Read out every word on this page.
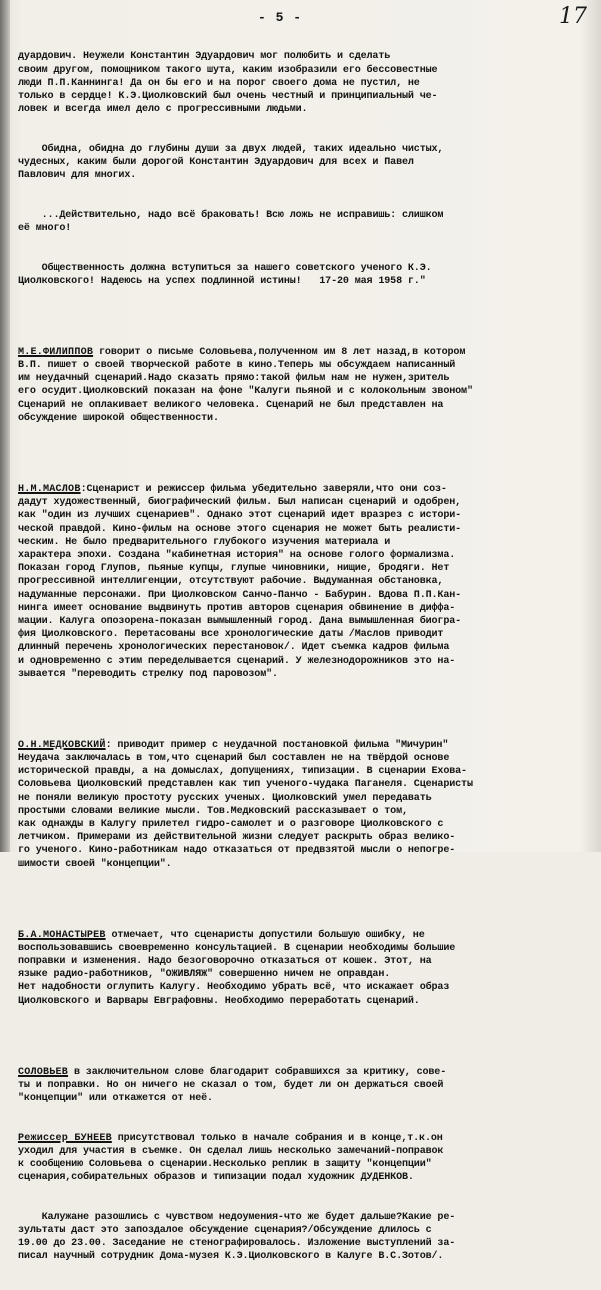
- 5 -	17

дуардович. Неужели Константин Эдуардович мог полюбить и сделать
своим другом, помощником такого шута, каким изобразили его бессовестные
люди П.П.Каннинга! Да он бы его и на порог своего дома не пустил, не
только в сердце! К.Э.Циолковский был очень честный и принципиальный че-
ловек и всегда имел дело с прогрессивными людьми.

Обидна, обидна до глубины души за двух людей, таких идеально чистых,
чудесных, каким были дорогой Константин Эдуардович для всех и Павел
Павлович для многих.

...Действительно, надо всё браковать! Всю ложь не исправишь: слишком
её много!

Общественность должна вступиться за нашего советского ученого К.Э.
Циолковского! Надеюсь на успех подлинной истины!   17-20 мая 1958 г."

М.Е.ФИЛИППОВ говорит о письме Соловьева,полученном им 8 лет назад,в котором
В.П. пишет о своей творческой работе в кино.Теперь мы обсуждаем написанный
им неудачный сценарий.Надо сказать прямо:такой фильм нам не нужен,зритель
его осудит.Циолковский показан на фоне "Калуги пьяной и с колокольным звоном"
Сценарий не оплакивает великого человека. Сценарий не был представлен на
обсуждение широкой общественности.

Н.М.МАСЛОВ:Сценарист и режиссер фильма убедительно заверяли,что они соз-
дадут художественный, биографический фильм. Был написан сценарий и одобрен,
как "один из лучших сценариев". Однако этот сценарий идет вразрез с истори-
ческой правдой. Кино-фильм на основе этого сценария не может быть реалисти-
ческим. Не было предварительного глубокого изучения материала и
характера эпохи. Создана "кабинетная история" на основе голого формализма.
Показан город Глупов, пьяные купцы, глупые чиновники, нищие, бродяги. Нет
прогрессивной интеллигенции, отсутствуют рабочие. Выдуманная обстановка,
надуманные персонажи. При Циолковском Санчо-Панчо - Бабурин. Вдова П.П.Кан-
нинга имеет основание выдвинуть против авторов сценария обвинение в диффа-
мации. Калуга опозорена-показан вымышленный город. Дана вымышленная биогра-
фия Циолковского. Перетасованы все хронологические даты /Маслов приводит
длинный перечень хронологических перестановок/. Идет съемка кадров фильма
и одновременно с этим переделывается сценарий. У железнодорожников это на-
зывается "переводить стрелку под паровозом".

О.Н.МЕДКОВСКИЙ: приводит пример с неудачной постановкой фильма "Мичурин"
Неудача заключалась в том,что сценарий был составлен не на твёрдой основе
исторической правды, а на домыслах, допущениях, типизации. В сценарии Ехова-
Соловьева Циолковский представлен как тип ученого-чудака Паганеля. Сценаристы
не поняли великую простоту русских ученых. Циолковский умел передавать
простыми словами великие мысли. Тов.Медковский рассказывает о том,
как однажды в Калугу прилетел гидро-самолет и о разговоре Циолковского с
летчиком. Примерами из действительной жизни следует раскрыть образ велико-
го ученого. Кино-работникам надо отказаться от предвзятой мысли о непогре-
шимости своей "концепции".

Б.А.МОНАСТЫРЕВ отмечает, что сценаристы допустили большую ошибку, не
воспользовавшись своевременно консультацией. В сценарии необходимы большие
поправки и изменения. Надо безоговорочно отказаться от кошек. Этот, на
языке радио-работников, "ОЖИВЛЯЖ" совершенно ничем не оправдан.
Нет надобности оглупить Калугу. Необходимо убрать всё, что искажает образ
Циолковского и Варвары Евграфовны. Необходимо переработать сценарий.

СОЛОВЬЕВ в заключительном слове благодарит собравшихся за критику, сове-
ты и поправки. Но он ничего не сказал о том, будет ли он держаться своей
"концепции" или откажется от неё.

Режиссер БУНЕЕВ присутствовал только в начале собрания и в конце,т.к.он
уходил для участия в съемке. Он сделал лишь несколько замечаний-поправок
к сообщению Соловьева о сценарии.Несколько реплик в защиту "концепции"
сценария,собирательных образов и типизации подал художник ДУДЕНКОВ.

Калужане разошлись с чувством недоумения-что же будет дальше?Какие ре-
зультаты даст это запоздалое обсуждение сценария?/Обсуждение длилось с
19.00 до 23.00. Заседание не стенографировалось. Изложение выступлений за-
писал научный сотрудник Дома-музея К.Э.Циолковского в Калуге В.С.Зотов/.
